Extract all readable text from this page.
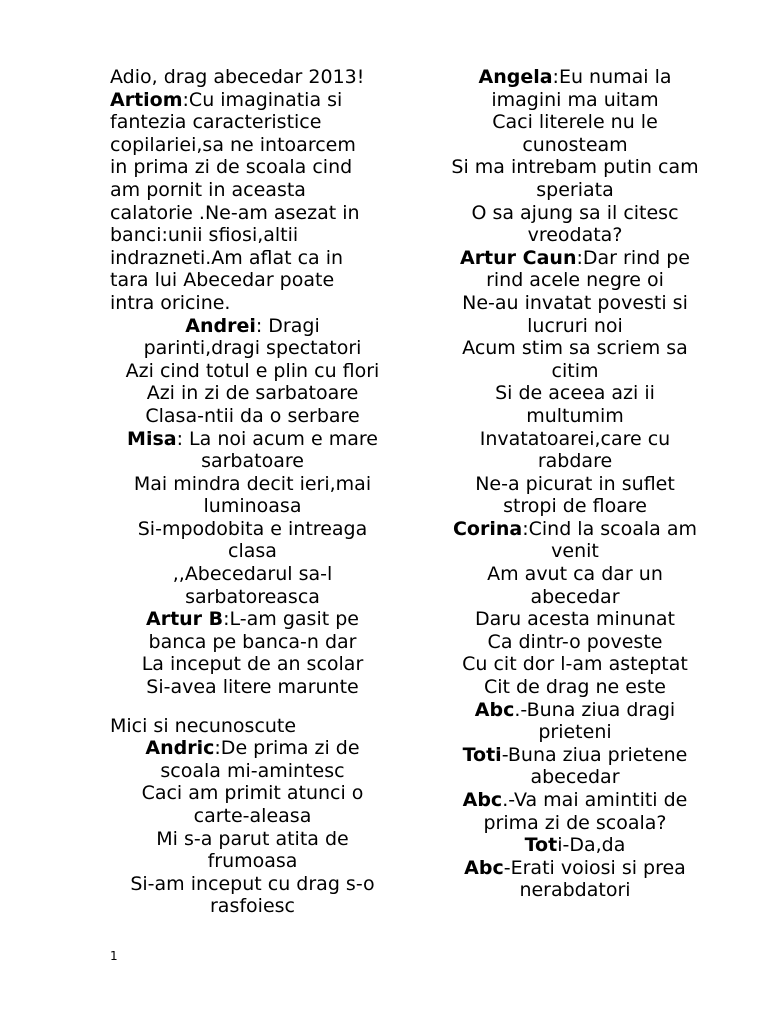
Adio, drag abecedar 2013!
Artiom:Cu imaginatia si
fantezia caracteristice
copilariei,sa ne intoarcem
in prima zi de scoala cind
am pornit in aceasta
calatorie .Ne-am asezat in
banci:unii sfiosi,altii
indrazneti.Am aflat ca in
tara lui Abecedar poate
intra oricine.
Andrei: Dragi
parinti,dragi spectatori
Azi cind totul e plin cu flori
Azi in zi de sarbatoare
Clasa-ntii da o serbare
Misa: La noi acum e mare
sarbatoare
Mai mindra decit ieri,mai
luminoasa
Si-mpodobita e intreaga
clasa
,,Abecedarul sa-l
sarbatoreasca
Artur B:L-am gasit pe
banca pe banca-n dar
La inceput de an scolar
Si-avea litere marunte
Mici si necunoscute
Andric:De prima zi de
scoala mi-amintesc
Caci am primit atunci o
carte-aleasa
Mi s-a parut atita de
frumoasa
Si-am inceput cu drag s-o
rasfoiesc
Angela:Eu numai la
imagini ma uitam
Caci literele nu le
cunosteam
Si ma intrebam putin cam
speriata
O sa ajung sa il citesc
vreodata?
Artur Caun:Dar rind pe
rind acele negre oi
Ne-au invatat povesti si
lucruri noi
Acum stim sa scriem sa
citim
Si de aceea azi ii
multumim
Invatatoarei,care cu
rabdare
Ne-a picurat in suflet
stropi de floare
Corina:Cind la scoala am
venit
Am avut ca dar un
abecedar
Daru acesta minunat
Ca dintr-o poveste
Cu cit dor l-am asteptat
Cit de drag ne este
Abc.-Buna ziua dragi
prieteni
Toti-Buna ziua prietene
abecedar
Abc.-Va mai amintiti de
prima zi de scoala?
Toti-Da,da
Abc-Erati voiosi si prea
nerabdatori
1
